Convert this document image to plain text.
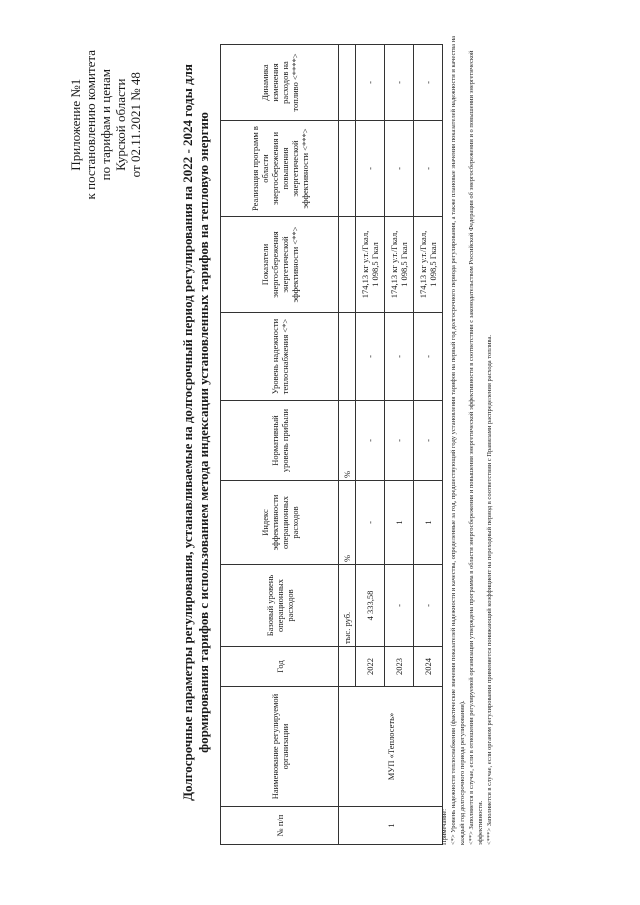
Приложение №1 к постановлению комитета по тарифам и ценам Курской области от 02.11.2021 № 48	Долгосрочные параметры регулирования, устанавливаемые на долгосрочный период регулирования на 2022 - 2024 годы для формирования тарифов с использованием метода индексации установленных тарифов на тепловую энергию
№ п/п	Наименование регулируемой организации	Год	Базовый уровень операционных расходов	Индекс эффективности операционных расходов	Нормативный уровень прибыли	Уровень надежности теплоснабжения <*>	Показатели энергосбережения энергетической эффективности <**>	Реализация программ в области энергосбережения и повышения энергетической эффективности <***>	Динамика изменения расходов на топливо <****>
1	МУП «Теплосеть»		тыс. руб.	%	%				
		2022	4 333,58	-	-	-	174,13 кг у.т./Гкал, 1 098,5 Гкал	-	-
		2023	-	1	-	-	174,13 кг у.т./Гкал, 1 098,5 Гкал	-	-
		2024	-	1	-	-	174,13 кг у.т./Гкал, 1 098,5 Гкал	-	-
Примечание: <*> Уровень надежности теплоснабжения (фактические значения показателей надежности и качества, определенные за год, предшествующий году установления тарифов на первый год долгосрочного периода регулирования, а также плановые значения показателей надежности и качества на каждый год долгосрочного периода регулирования). <**> Заполняется в случае, если в отношении регулируемой организации утверждена программа в области энергосбережения и повышения энергетической эффективности в соответствии с законодательством Российской Федерации об энергосбережении и о повышении энергетической эффективности. <***> Заполняется в случае, если органом регулирования применяется понижающий коэффициент на переходный период в соответствии с Правилами распределения расхода топлива.
